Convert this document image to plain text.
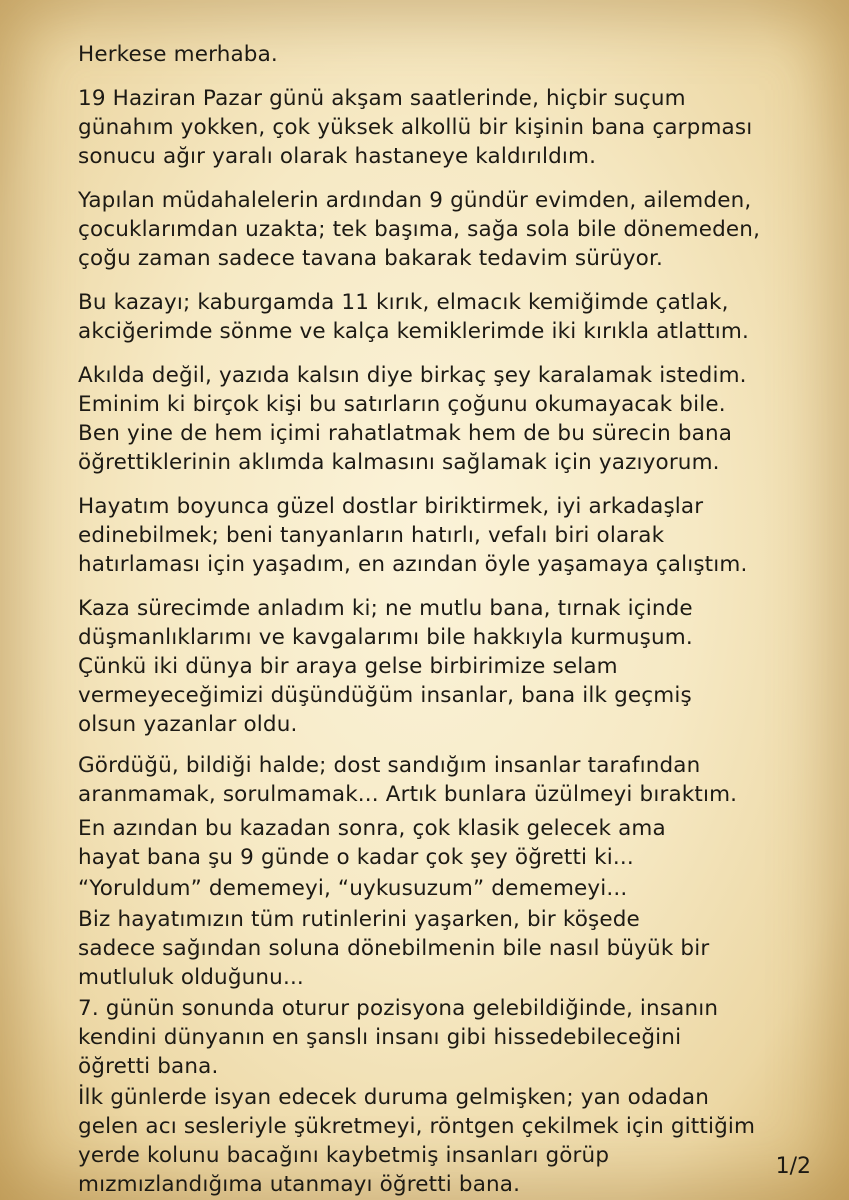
Herkese merhaba.

19 Haziran Pazar günü akşam saatlerinde, hiçbir suçum
günahım yokken, çok yüksek alkollü bir kişinin bana çarpması
sonucu ağır yaralı olarak hastaneye kaldırıldım.

Yapılan müdahalelerin ardından 9 gündür evimden, ailemden,
çocuklarımdan uzakta; tek başıma, sağa sola bile dönemeden,
çoğu zaman sadece tavana bakarak tedavim sürüyor.

Bu kazayı; kaburgamda 11 kırık, elmacık kemiğimde çatlak,
akciğerimde sönme ve kalça kemiklerimde iki kırıkla atlattım.

Akılda değil, yazıda kalsın diye birkaç şey karalamak istedim.
Eminim ki birçok kişi bu satırların çoğunu okumayacak bile.
Ben yine de hem içimi rahatlatmak hem de bu sürecin bana
öğrettiklerinin aklımda kalmasını sağlamak için yazıyorum.

Hayatım boyunca güzel dostlar biriktirmek, iyi arkadaşlar
edinebilmek; beni tanyanların hatırlı, vefalı biri olarak
hatırlaması için yaşadım, en azından öyle yaşamaya çalıştım.

Kaza sürecimde anladım ki; ne mutlu bana, tırnak içinde
düşmanlıklarımı ve kavgalarımı bile hakkıyla kurmuşum.
Çünkü iki dünya bir araya gelse birbirimize selam
vermeyeceğimizi düşündüğüm insanlar, bana ilk geçmiş
olsun yazanlar oldu.

Gördüğü, bildiği halde; dost sandığım insanlar tarafından
aranmamak, sorulmamak... Artık bunlara üzülmeyi bıraktım.

En azından bu kazadan sonra, çok klasik gelecek ama
hayat bana şu 9 günde o kadar çok şey öğretti ki...

“Yoruldum” dememeyi, “uykusuzum” dememeyi...

Biz hayatımızın tüm rutinlerini yaşarken, bir köşede
sadece sağından soluna dönebilmenin bile nasıl büyük bir
mutluluk olduğunu...

7. günün sonunda oturur pozisyona gelebildiğinde, insanın
kendini dünyanın en şanslı insanı gibi hissedebileceğini
öğretti bana.

İlk günlerde isyan edecek duruma gelmişken; yan odadan
gelen acı sesleriyle şükretmeyi, röntgen çekilmek için gittiğim
yerde kolunu bacağını kaybetmiş insanları görüp
mızmızlandığıma utanmayı öğretti bana.

1/2
